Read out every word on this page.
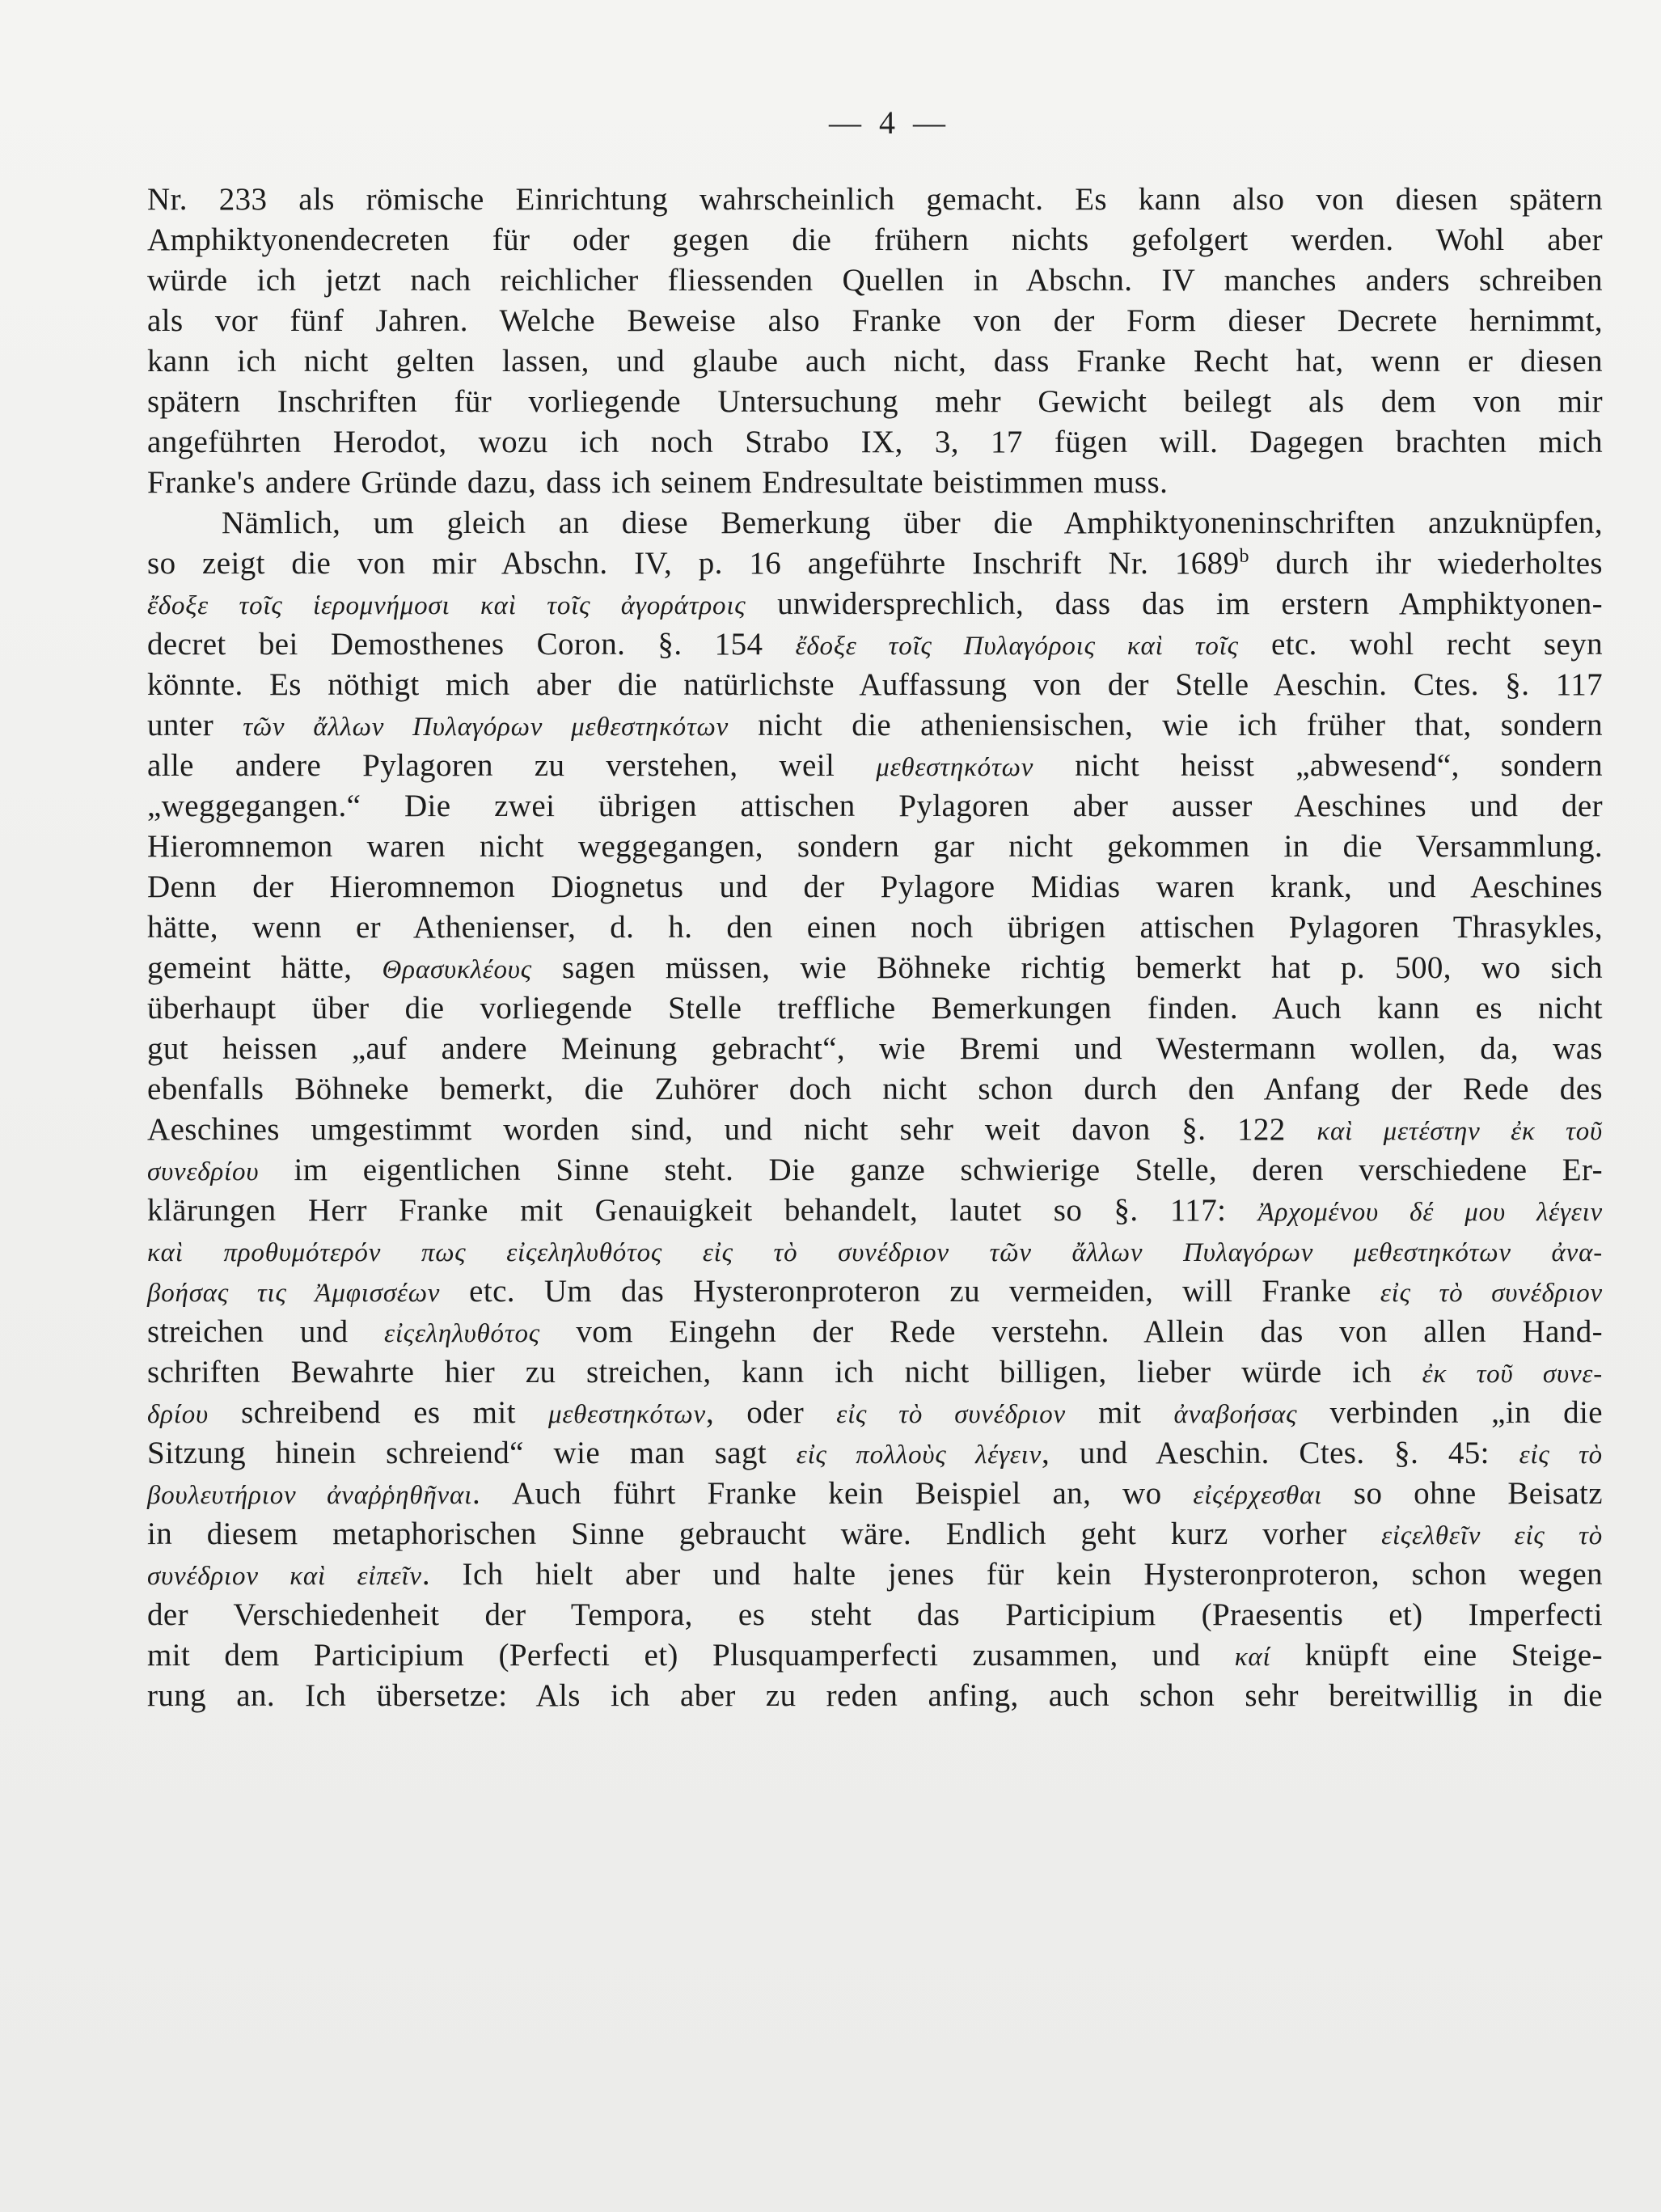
— 4 —
Nr. 233 als römische Einrichtung wahrscheinlich gemacht. Es kann also von diesen spätern
Amphiktyonendecreten für oder gegen die frühern nichts gefolgert werden. Wohl aber
würde ich jetzt nach reichlicher fliessenden Quellen in Abschn. IV manches anders schreiben
als vor fünf Jahren. Welche Beweise also Franke von der Form dieser Decrete hernimmt,
kann ich nicht gelten lassen, und glaube auch nicht, dass Franke Recht hat, wenn er diesen
spätern Inschriften für vorliegende Untersuchung mehr Gewicht beilegt als dem von mir
angeführten Herodot, wozu ich noch Strabo IX, 3, 17 fügen will. Dagegen brachten mich
Franke's andere Gründe dazu, dass ich seinem Endresultate beistimmen muss.
Nämlich, um gleich an diese Bemerkung über die Amphiktyoneninschriften anzuknüpfen,
so zeigt die von mir Abschn. IV, p. 16 angeführte Inschrift Nr. 1689$^b$ durch ihr wiederholtes
ἔδοξε τοῖς ἱερομνήμοσι καὶ τοῖς ἀγοράτροις unwidersprechlich, dass das im erstern Amphiktyonen-
decret bei Demosthenes Coron. §. 154 ἔδοξε τοῖς Πυλαγόροις καὶ τοῖς etc. wohl recht seyn
könnte. Es nöthigt mich aber die natürlichste Auffassung von der Stelle Aeschin. Ctes. §. 117
unter τῶν ἄλλων Πυλαγόρων μεθεστηκότων nicht die atheniensischen, wie ich früher that, sondern
alle andere Pylagoren zu verstehen, weil μεθεστηκότων nicht heisst „abwesend“, sondern
„weggegangen.“ Die zwei übrigen attischen Pylagoren aber ausser Aeschines und der
Hieromnemon waren nicht weggegangen, sondern gar nicht gekommen in die Versammlung.
Denn der Hieromnemon Diognetus und der Pylagore Midias waren krank, und Aeschines
hätte, wenn er Athenienser, d. h. den einen noch übrigen attischen Pylagoren Thrasykles,
gemeint hätte, Θρασυκλέους sagen müssen, wie Böhneke richtig bemerkt hat p. 500, wo sich
überhaupt über die vorliegende Stelle treffliche Bemerkungen finden. Auch kann es nicht
gut heissen „auf andere Meinung gebracht“, wie Bremi und Westermann wollen, da, was
ebenfalls Böhneke bemerkt, die Zuhörer doch nicht schon durch den Anfang der Rede des
Aeschines umgestimmt worden sind, und nicht sehr weit davon §. 122 καὶ μετέστην ἐκ τοῦ
συνεδρίου im eigentlichen Sinne steht. Die ganze schwierige Stelle, deren verschiedene Er-
klärungen Herr Franke mit Genauigkeit behandelt, lautet so §. 117: Ἀρχομένου δέ μου λέγειν
καὶ προθυμότερόν πως εἰςεληλυθότος εἰς τὸ συνέδριον τῶν ἄλλων Πυλαγόρων μεθεστηκότων ἀνα-
βοήσας τις Ἀμφισσέων etc. Um das Hysteronproteron zu vermeiden, will Franke εἰς τὸ συνέδριον
streichen und εἰςεληλυθότος vom Eingehn der Rede verstehn. Allein das von allen Hand-
schriften Bewahrte hier zu streichen, kann ich nicht billigen, lieber würde ich ἐκ τοῦ συνε-
δρίου schreibend es mit μεθεστηκότων, oder εἰς τὸ συνέδριον mit ἀναβοήσας verbinden „in die
Sitzung hinein schreiend“ wie man sagt εἰς πολλοὺς λέγειν, und Aeschin. Ctes. §. 45: εἰς τὸ
βουλευτήριον ἀναῤῥηθῆναι. Auch führt Franke kein Beispiel an, wo εἰςέρχεσθαι so ohne Beisatz
in diesem metaphorischen Sinne gebraucht wäre. Endlich geht kurz vorher εἰςελθεῖν εἰς τὸ
συνέδριον καὶ εἰπεῖν. Ich hielt aber und halte jenes für kein Hysteronproteron, schon wegen
der Verschiedenheit der Tempora, es steht das Participium (Praesentis et) Imperfecti
mit dem Participium (Perfecti et) Plusquamperfecti zusammen, und καί knüpft eine Steige-
rung an. Ich übersetze: Als ich aber zu reden anfing, auch schon sehr bereitwillig in die
